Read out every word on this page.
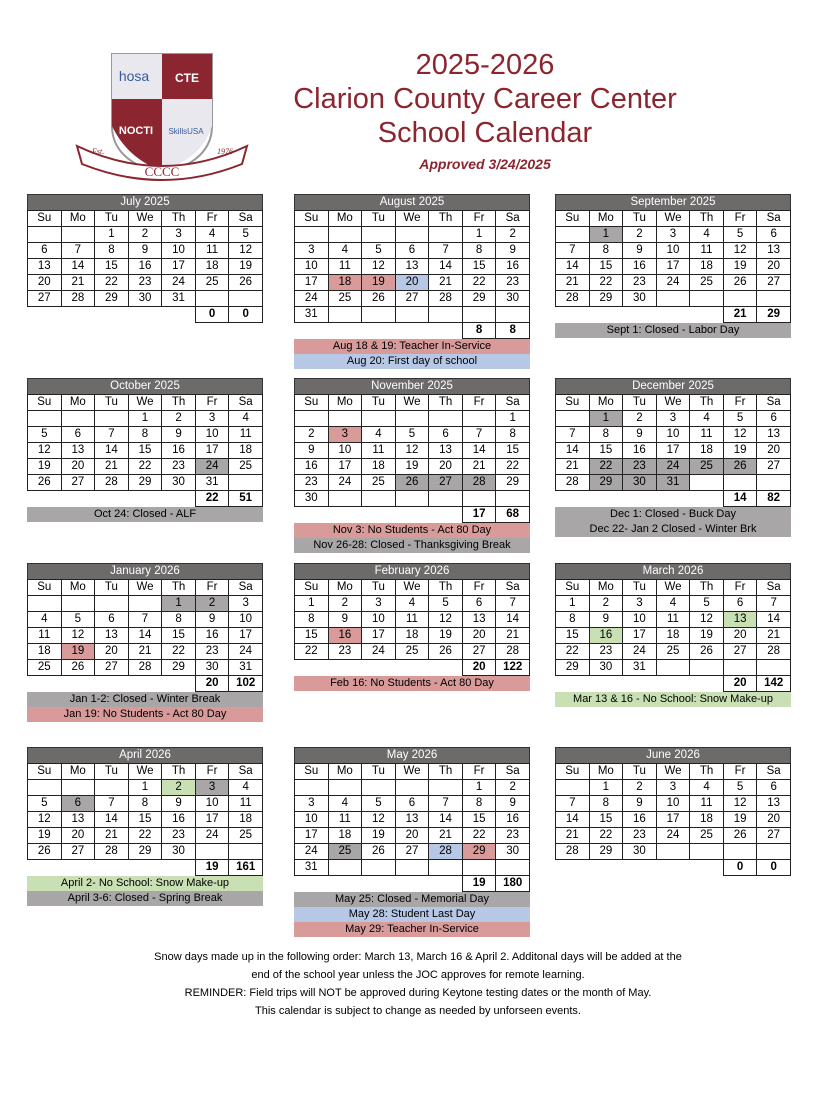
hosa CTE
NOCTI SkillsUSA
Est.	1976
CCCC
2025-2026
Clarion County Career Center
School Calendar
Approved 3/24/2025
July 2025
Su	Mo	Tu	We	Th	Fr	Sa
		1	2	3	4	5
6	7	8	9	10	11	12
13	14	15	16	17	18	19
20	21	22	23	24	25	26
27	28	29	30	31		
					0	0
August 2025
Su	Mo	Tu	We	Th	Fr	Sa
					1	2
3	4	5	6	7	8	9
10	11	12	13	14	15	16
17	18	19	20	21	22	23
24	25	26	27	28	29	30
31						
					8	8
Aug 18 & 19: Teacher In-Service
Aug 20: First day of school
September 2025
Su	Mo	Tu	We	Th	Fr	Sa
	1	2	3	4	5	6
7	8	9	10	11	12	13
14	15	16	17	18	19	20
21	22	23	24	25	26	27
28	29	30				
					21	29
Sept 1: Closed - Labor Day
October 2025
Su	Mo	Tu	We	Th	Fr	Sa
			1	2	3	4
5	6	7	8	9	10	11
12	13	14	15	16	17	18
19	20	21	22	23	24	25
26	27	28	29	30	31	
					22	51
Oct 24: Closed - ALF
November 2025
Su	Mo	Tu	We	Th	Fr	Sa
						1
2	3	4	5	6	7	8
9	10	11	12	13	14	15
16	17	18	19	20	21	22
23	24	25	26	27	28	29
30						
					17	68
Nov 3: No Students - Act 80 Day
Nov 26-28: Closed - Thanksgiving Break
December 2025
Su	Mo	Tu	We	Th	Fr	Sa
	1	2	3	4	5	6
7	8	9	10	11	12	13
14	15	16	17	18	19	20
21	22	23	24	25	26	27
28	29	30	31			
					14	82
Dec 1: Closed - Buck Day
Dec 22- Jan 2 Closed - Winter Brk
January 2026
Su	Mo	Tu	We	Th	Fr	Sa
				1	2	3
4	5	6	7	8	9	10
11	12	13	14	15	16	17
18	19	20	21	22	23	24
25	26	27	28	29	30	31
					20	102
Jan 1-2: Closed - Winter Break
Jan 19: No Students - Act 80 Day
February 2026
Su	Mo	Tu	We	Th	Fr	Sa
1	2	3	4	5	6	7
8	9	10	11	12	13	14
15	16	17	18	19	20	21
22	23	24	25	26	27	28
					20	122
Feb 16: No Students - Act 80 Day
March 2026
Su	Mo	Tu	We	Th	Fr	Sa
1	2	3	4	5	6	7
8	9	10	11	12	13	14
15	16	17	18	19	20	21
22	23	24	25	26	27	28
29	30	31				
					20	142
Mar 13 & 16 - No School: Snow Make-up
April 2026
Su	Mo	Tu	We	Th	Fr	Sa
			1	2	3	4
5	6	7	8	9	10	11
12	13	14	15	16	17	18
19	20	21	22	23	24	25
26	27	28	29	30		
					19	161
April 2- No School: Snow Make-up
April 3-6: Closed - Spring Break
May 2026
Su	Mo	Tu	We	Th	Fr	Sa
					1	2
3	4	5	6	7	8	9
10	11	12	13	14	15	16
17	18	19	20	21	22	23
24	25	26	27	28	29	30
31						
					19	180
May 25: Closed - Memorial Day
May 28: Student Last Day
May 29: Teacher In-Service
June 2026
Su	Mo	Tu	We	Th	Fr	Sa
	1	2	3	4	5	6
7	8	9	10	11	12	13
14	15	16	17	18	19	20
21	22	23	24	25	26	27
28	29	30				
					0	0
Snow days made up in the following order: March 13, March 16 & April 2. Additonal days will be added at the
end of the school year unless the JOC approves for remote learning.
REMINDER: Field trips will NOT be approved during Keytone testing dates or the month of May.
This calendar is subject to change as needed by unforseen events.
